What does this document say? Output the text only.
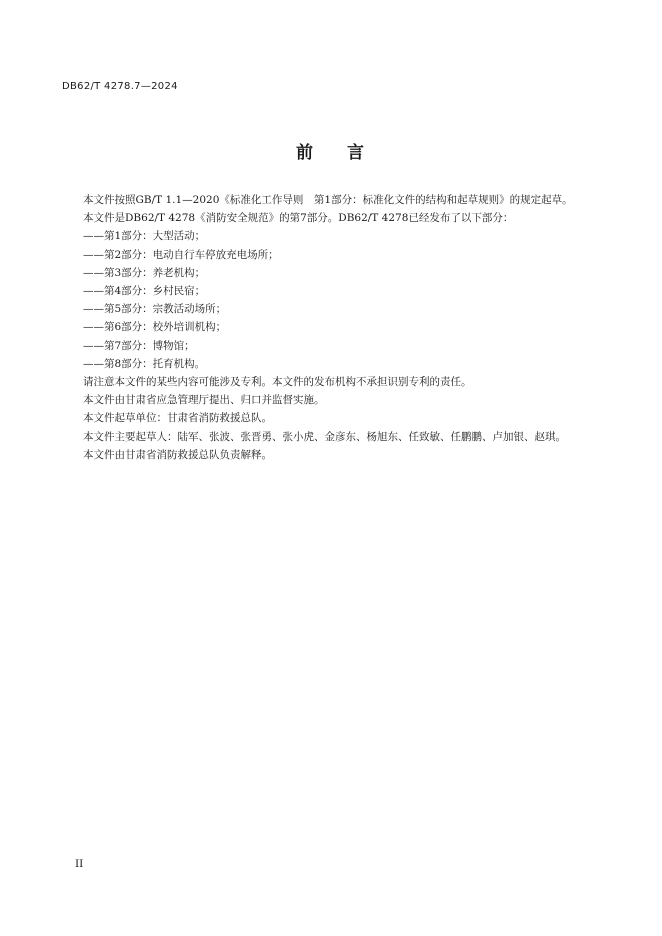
DB62/T 4278.7—2024
前 言

本文件按照GB/T 1.1—2020《标准化工作导则　第1部分：标准化文件的结构和起草规则》的规定起草。

本文件是DB62/T 4278《消防安全规范》的第7部分。DB62/T 4278已经发布了以下部分：

——第1部分：大型活动；

——第2部分：电动自行车停放充电场所；

——第3部分：养老机构；

——第4部分：乡村民宿；

——第5部分：宗教活动场所；

——第6部分：校外培训机构；

——第7部分：博物馆；

——第8部分：托育机构。

请注意本文件的某些内容可能涉及专利。本文件的发布机构不承担识别专利的责任。

本文件由甘肃省应急管理厅提出、归口并监督实施。

本文件起草单位：甘肃省消防救援总队。

本文件主要起草人：陆军、张波、张晋勇、张小虎、金彦东、杨旭东、任致敏、任鹏鹏、卢加银、赵琪。

本文件由甘肃省消防救援总队负责解释。

II
